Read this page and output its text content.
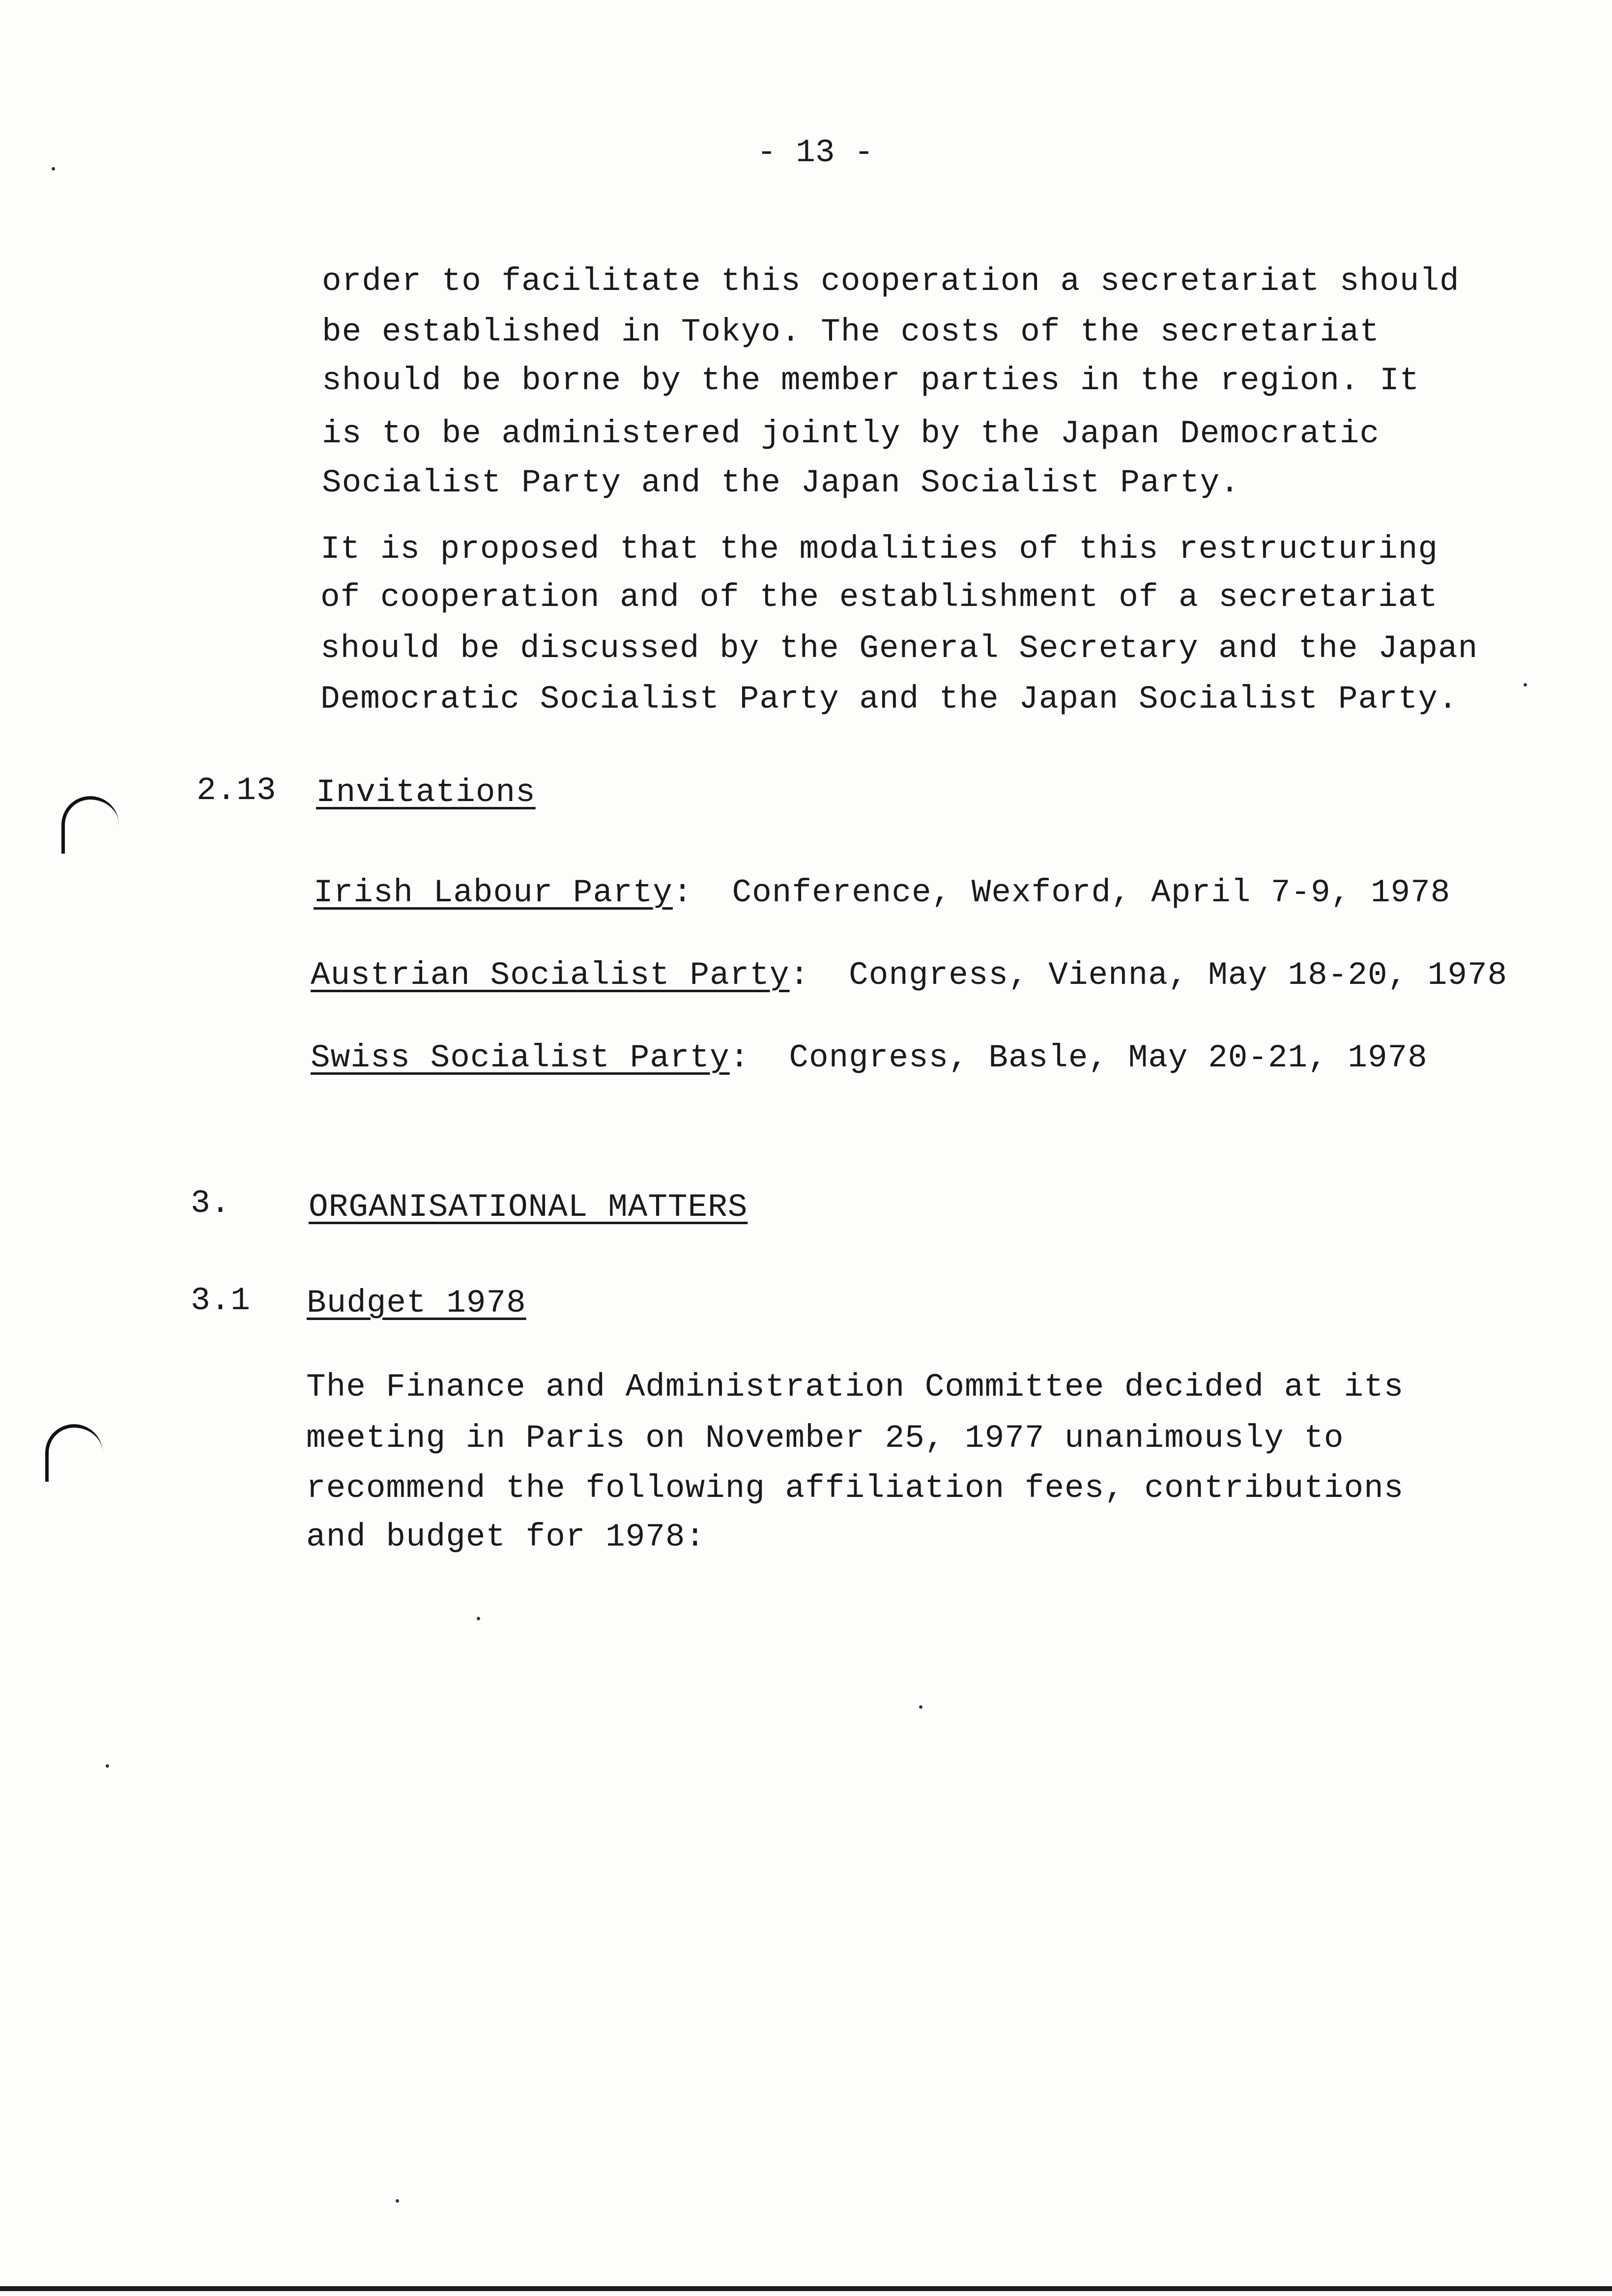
- 13 -
order to facilitate this cooperation a secretariat should
be established in Tokyo. The costs of the secretariat
should be borne by the member parties in the region. It
is to be administered jointly by the Japan Democratic
Socialist Party and the Japan Socialist Party.
It is proposed that the modalities of this restructuring
of cooperation and of the establishment of a secretariat
should be discussed by the General Secretary and the Japan
Democratic Socialist Party and the Japan Socialist Party.
2.13 Invitations
Irish Labour Party: Conference, Wexford, April 7-9, 1978
Austrian Socialist Party: Congress, Vienna, May 18-20, 1978
Swiss Socialist Party: Congress, Basle, May 20-21, 1978
3. ORGANISATIONAL MATTERS
3.1 Budget 1978
The Finance and Administration Committee decided at its
meeting in Paris on November 25, 1977 unanimously to
recommend the following affiliation fees, contributions
and budget for 1978:
